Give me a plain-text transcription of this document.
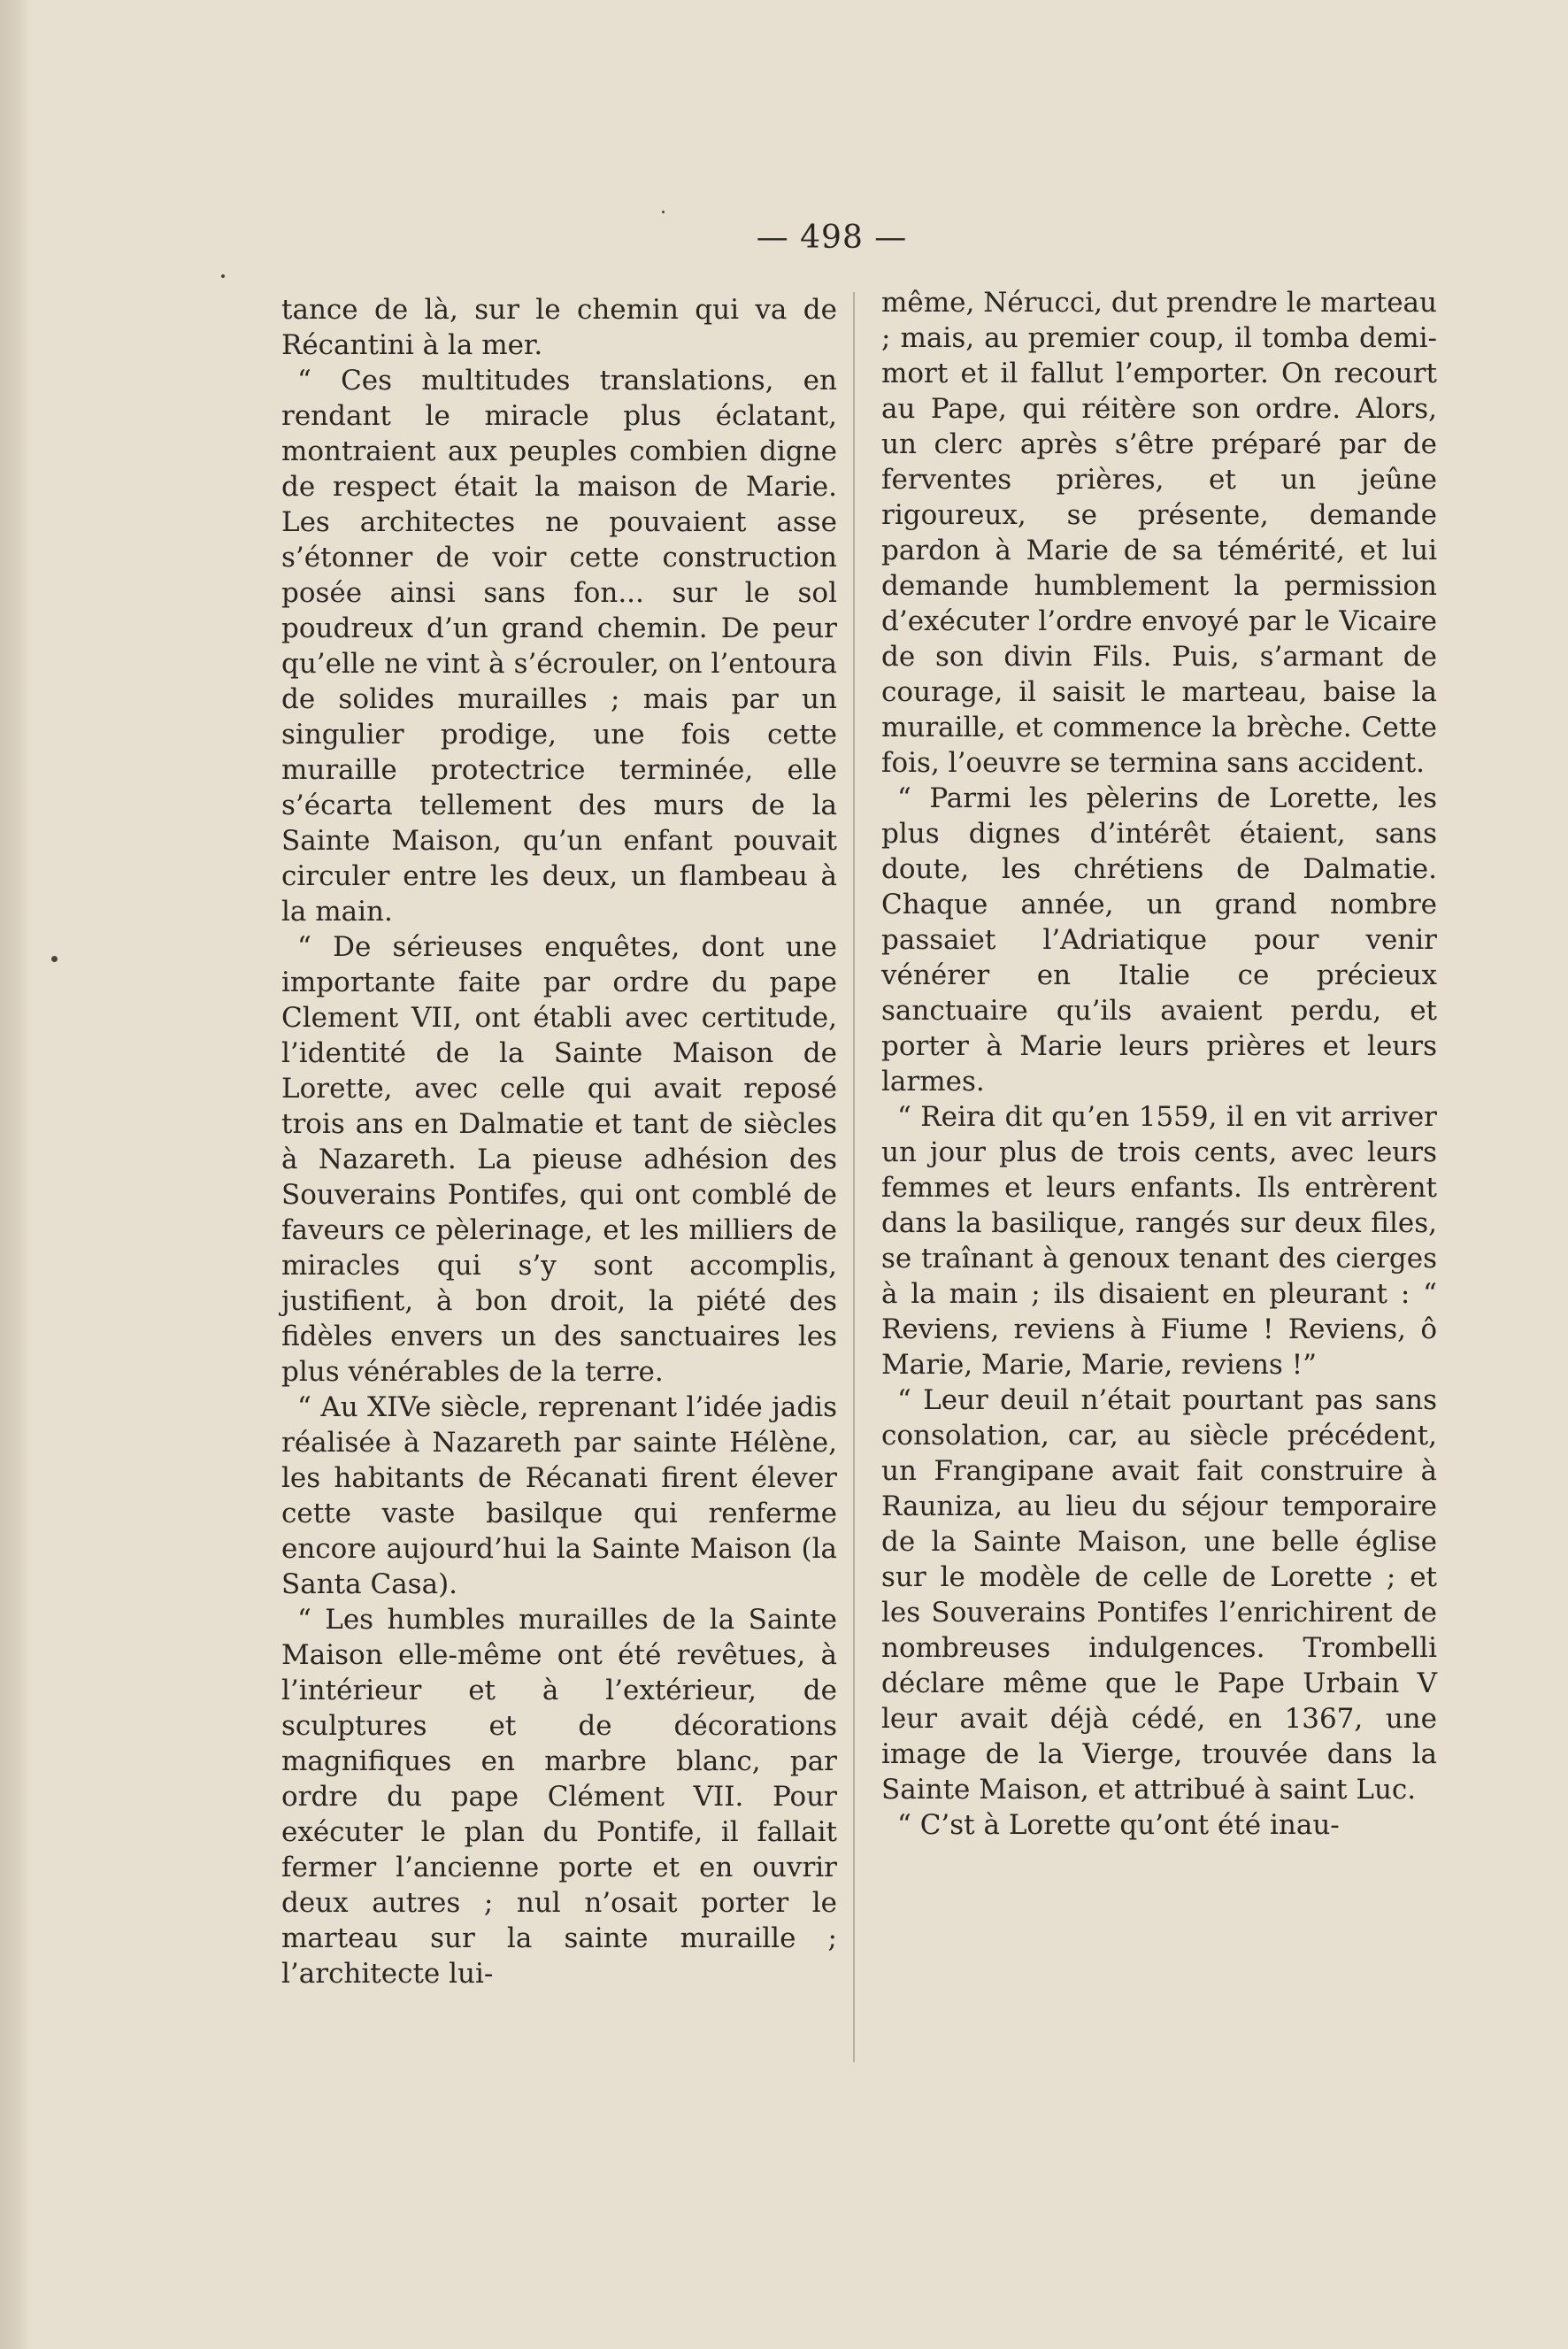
— 498 —

tance de là, sur le chemin qui va de Récantini à la mer.

“ Ces multitudes translations, en rendant le miracle plus éclatant, montraient aux peuples combien digne de respect était la maison de Marie. Les architectes ne pouvaient asse s’étonner de voir cette construction posée ainsi sans fon... sur le sol poudreux d’un grand chemin. De peur qu’elle ne vint à s’écrouler, on l’entoura de solides murailles ; mais par un singulier prodige, une fois cette muraille protectrice terminée, elle s’écarta tellement des murs de la Sainte Maison, qu’un enfant pouvait circuler entre les deux, un flambeau à la main.

“ De sérieuses enquêtes, dont une importante faite par ordre du pape Clement VII, ont établi avec certitude, l’identité de la Sainte Maison de Lorette, avec celle qui avait reposé trois ans en Dalmatie et tant de siècles à Nazareth. La pieuse adhésion des Souverains Pontifes, qui ont comblé de faveurs ce pèlerinage, et les milliers de miracles qui s’y sont accomplis, justifient, à bon droit, la piété des fidèles envers un des sanctuaires les plus vénérables de la terre.

“ Au XIVe siècle, reprenant l’idée jadis réalisée à Nazareth par sainte Hélène, les habitants de Récanati firent élever cette vaste basilque qui renferme encore aujourd’hui la Sainte Maison (la Santa Casa).

“ Les humbles murailles de la Sainte Maison elle-même ont été revêtues, à l’intérieur et à l’extérieur, de sculptures et de décorations magnifiques en marbre blanc, par ordre du pape Clément VII. Pour exécuter le plan du Pontife, il fallait fermer l’ancienne porte et en ouvrir deux autres ; nul n’osait porter le marteau sur la sainte muraille ; l’architecte lui-

même, Nérucci, dut prendre le marteau ; mais, au premier coup, il tomba demi-mort et il fallut l’emporter. On recourt au Pape, qui réitère son ordre. Alors, un clerc après s’être préparé par de ferventes prières, et un jeûne rigoureux, se présente, demande pardon à Marie de sa témérité, et lui demande humblement la permission d’exécuter l’ordre envoyé par le Vicaire de son divin Fils. Puis, s’armant de courage, il saisit le marteau, baise la muraille, et commence la brèche. Cette fois, l’oeuvre se termina sans accident.

“ Parmi les pèlerins de Lorette, les plus dignes d’intérêt étaient, sans doute, les chrétiens de Dalmatie. Chaque année, un grand nombre passaiet l’Adriatique pour venir vénérer en Italie ce précieux sanctuaire qu’ils avaient perdu, et porter à Marie leurs prières et leurs larmes.

“ Reira dit qu’en 1559, il en vit arriver un jour plus de trois cents, avec leurs femmes et leurs enfants. Ils entrèrent dans la basilique, rangés sur deux files, se traînant à genoux tenant des cierges à la main ; ils disaient en pleurant : “ Reviens, reviens à Fiume ! Reviens, ô Marie, Marie, Marie, reviens !”

“ Leur deuil n’était pourtant pas sans consolation, car, au siècle précédent, un Frangipane avait fait construire à Rauniza, au lieu du séjour temporaire de la Sainte Maison, une belle église sur le modèle de celle de Lorette ; et les Souverains Pontifes l’enrichirent de nombreuses indulgences. Trombelli déclare même que le Pape Urbain V leur avait déjà cédé, en 1367, une image de la Vierge, trouvée dans la Sainte Maison, et attribué à saint Luc.

“ C’st à Lorette qu’ont été inau-
